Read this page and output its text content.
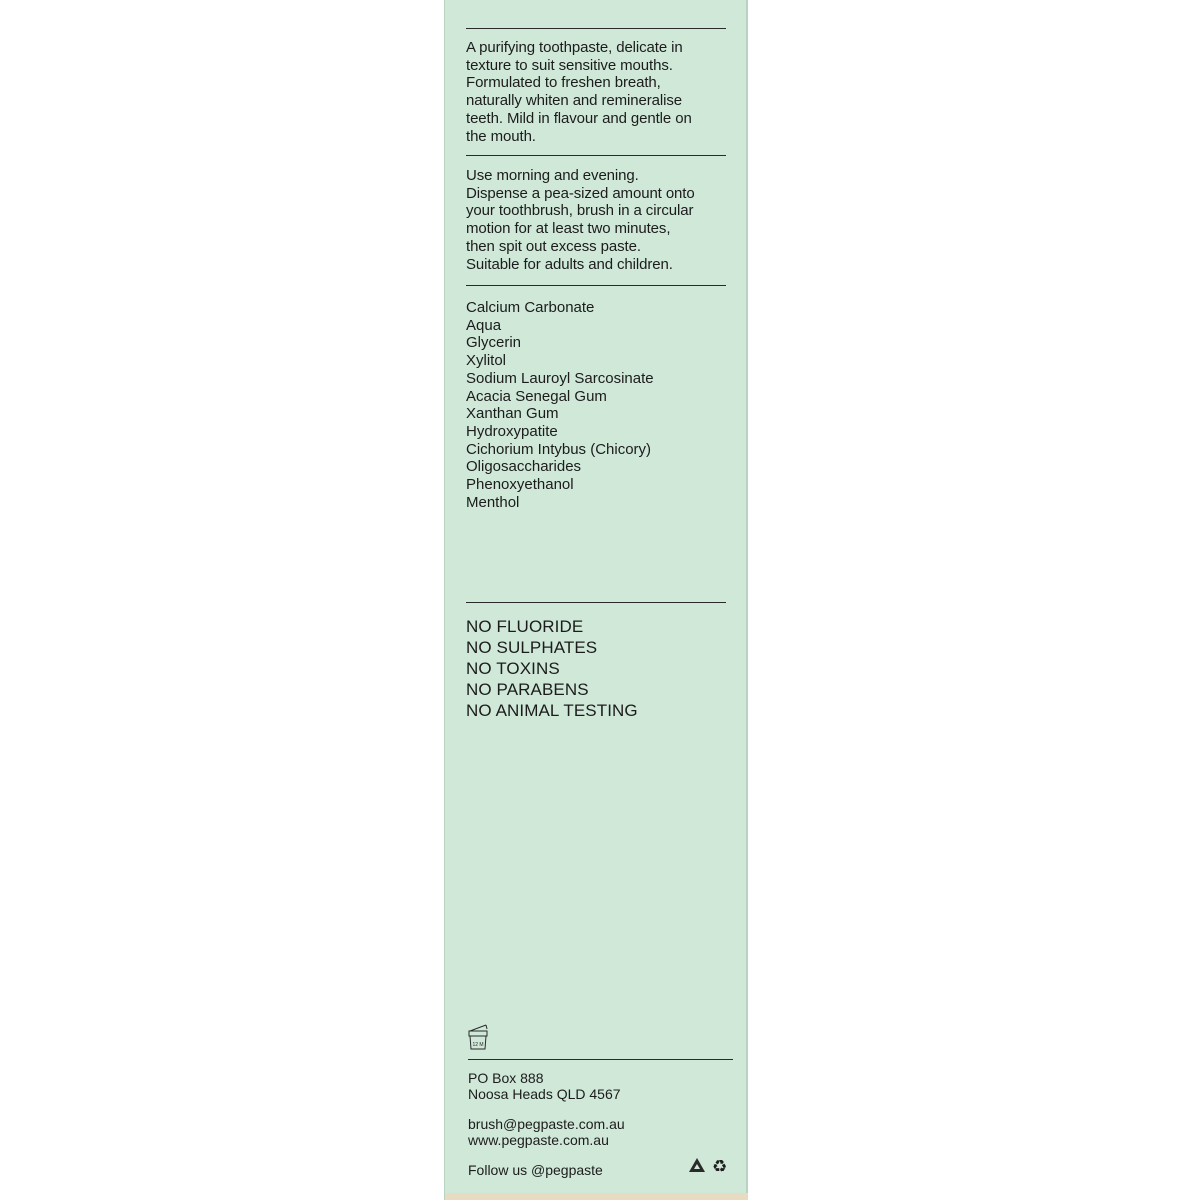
A purifying toothpaste, delicate in
texture to suit sensitive mouths.
Formulated to freshen breath,
naturally whiten and remineralise
teeth. Mild in flavour and gentle on
the mouth.
Use morning and evening.
Dispense a pea-sized amount onto
your toothbrush, brush in a circular
motion for at least two minutes,
then spit out excess paste.
Suitable for adults and children.
Calcium Carbonate
Aqua
Glycerin
Xylitol
Sodium Lauroyl Sarcosinate
Acacia Senegal Gum
Xanthan Gum
Hydroxypatite
Cichorium Intybus (Chicory)
Oligosaccharides
Phenoxyethanol
Menthol
NO FLUORIDE
NO SULPHATES
NO TOXINS
NO PARABENS
NO ANIMAL TESTING
12 M
PO Box 888
Noosa Heads QLD 4567
brush@pegpaste.com.au
www.pegpaste.com.au
Follow us @pegpaste	♻
